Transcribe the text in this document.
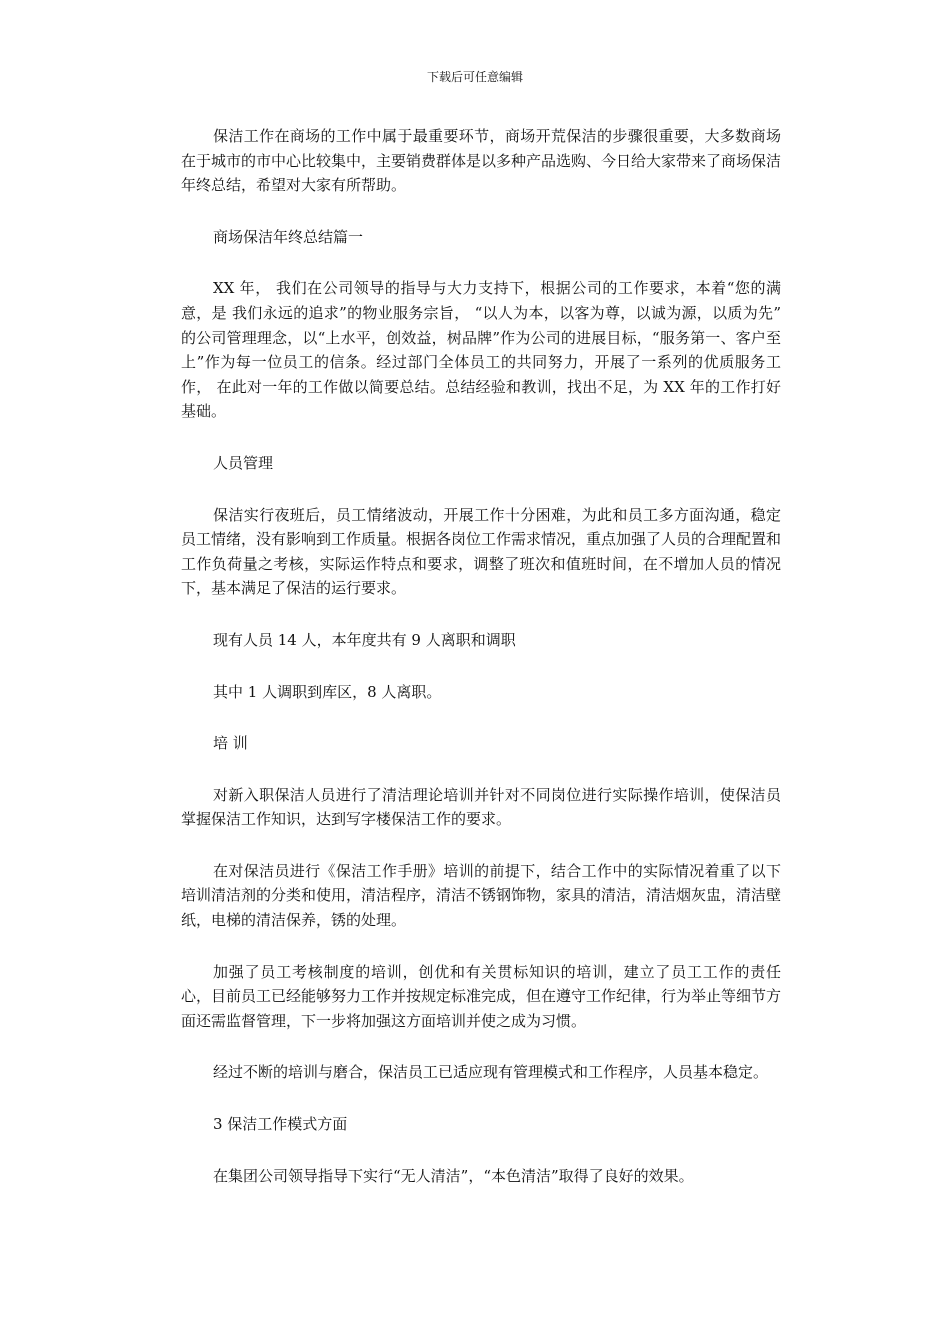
下载后可任意编辑

保洁工作在商场的工作中属于最重要环节，商场开荒保洁的步骤很重要，大多数商场在于城市的市中心比较集中，主要销费群体是以多种产品选购、今日给大家带来了商场保洁年终总结，希望对大家有所帮助。

商场保洁年终总结篇一

XX 年， 我们在公司领导的指导与大力支持下，根据公司的工作要求，本着“您的满意，是 我们永远的追求”的物业服务宗旨， “以人为本，以客为尊，以诚为源，以质为先” 的公司管理理念，以“上水平，创效益，树品牌”作为公司的进展目标，“服务第一、客户至上”作为每一位员工的信条。经过部门全体员工的共同努力，开展了一系列的优质服务工作， 在此对一年的工作做以简要总结。总结经验和教训，找出不足，为 XX 年的工作打好基础。

人员管理

保洁实行夜班后，员工情绪波动，开展工作十分困难，为此和员工多方面沟通，稳定员工情绪，没有影响到工作质量。根据各岗位工作需求情况，重点加强了人员的合理配置和工作负荷量之考核，实际运作特点和要求，调整了班次和值班时间，在不增加人员的情况下，基本满足了保洁的运行要求。

现有人员 14 人，本年度共有 9 人离职和调职

其中 1 人调职到库区，8 人离职。

培 训

对新入职保洁人员进行了清洁理论培训并针对不同岗位进行实际操作培训，使保洁员掌握保洁工作知识，达到写字楼保洁工作的要求。

在对保洁员进行《保洁工作手册》培训的前提下，结合工作中的实际情况着重了以下培训清洁剂的分类和使用，清洁程序，清洁不锈钢饰物，家具的清洁，清洁烟灰盅，清洁壁纸，电梯的清洁保养，锈的处理。

加强了员工考核制度的培训，创优和有关贯标知识的培训，建立了员工工作的责任心，目前员工已经能够努力工作并按规定标准完成，但在遵守工作纪律，行为举止等细节方面还需监督管理，下一步将加强这方面培训并使之成为习惯。

经过不断的培训与磨合，保洁员工已适应现有管理模式和工作程序，人员基本稳定。

3 保洁工作模式方面

在集团公司领导指导下实行“无人清洁”，“本色清洁”取得了良好的效果。
